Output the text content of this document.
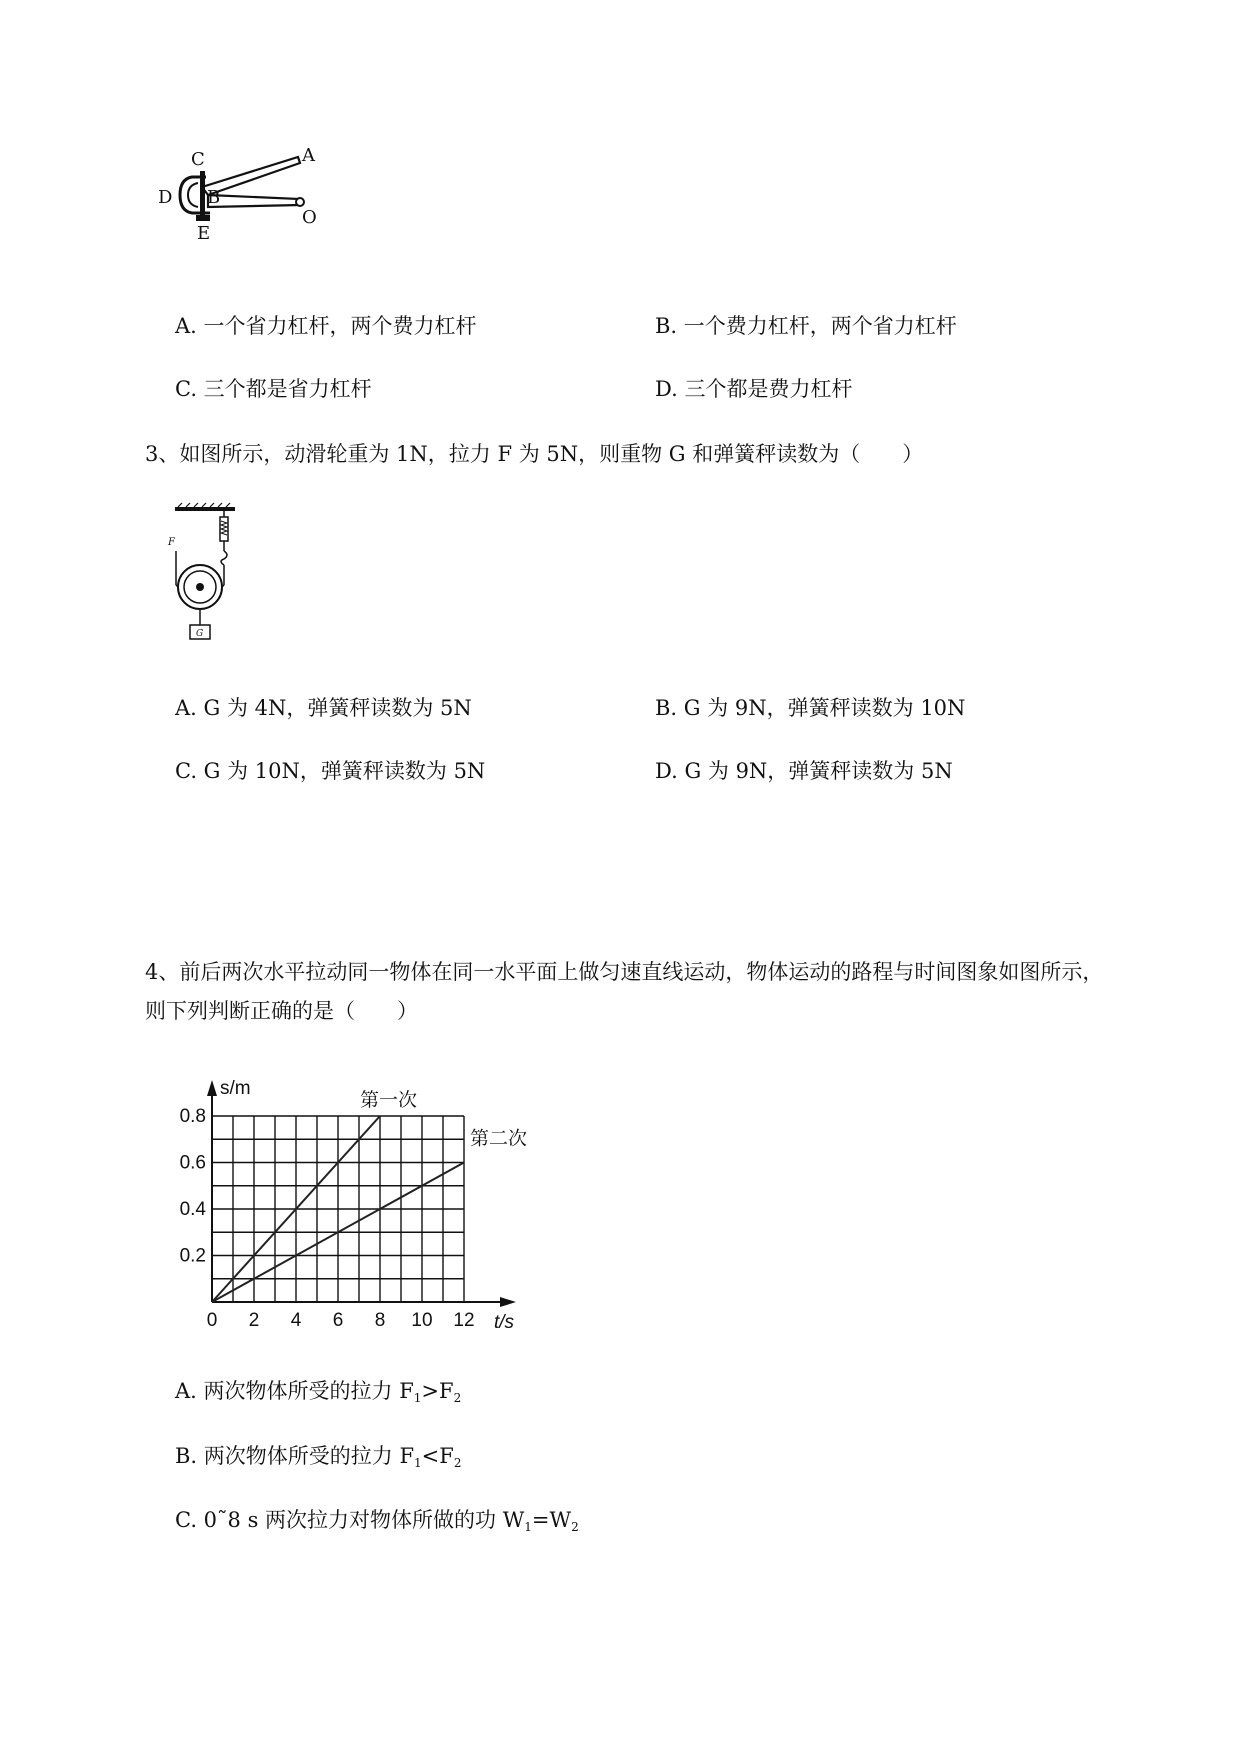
C	A
D B
O
E
A. 一个省力杠杆，两个费力杠杆	B. 一个费力杠杆，两个省力杠杆
C. 三个都是省力杠杆	D. 三个都是费力杠杆
3、如图所示，动滑轮重为 1N，拉力 F 为 5N，则重物 G 和弹簧秤读数为（　　）
F
G
A. G 为 4N，弹簧秤读数为 5N	B. G 为 9N，弹簧秤读数为 10N
C. G 为 10N，弹簧秤读数为 5N	D. G 为 9N，弹簧秤读数为 5N
4、前后两次水平拉动同一物体在同一水平面上做匀速直线运动，物体运动的路程与时间图象如图所示，
则下列判断正确的是（　　）
0 2 4 6 8 10 12
0.2
0.4
0.6
0.8
s/m
t/s
第一次
第二次
A. 两次物体所受的拉力 $F_1>F_2$
B. 两次物体所受的拉力 $F_1<F_2$
C. 0˜8 s 两次拉力对物体所做的功 $W_1=W_2$
